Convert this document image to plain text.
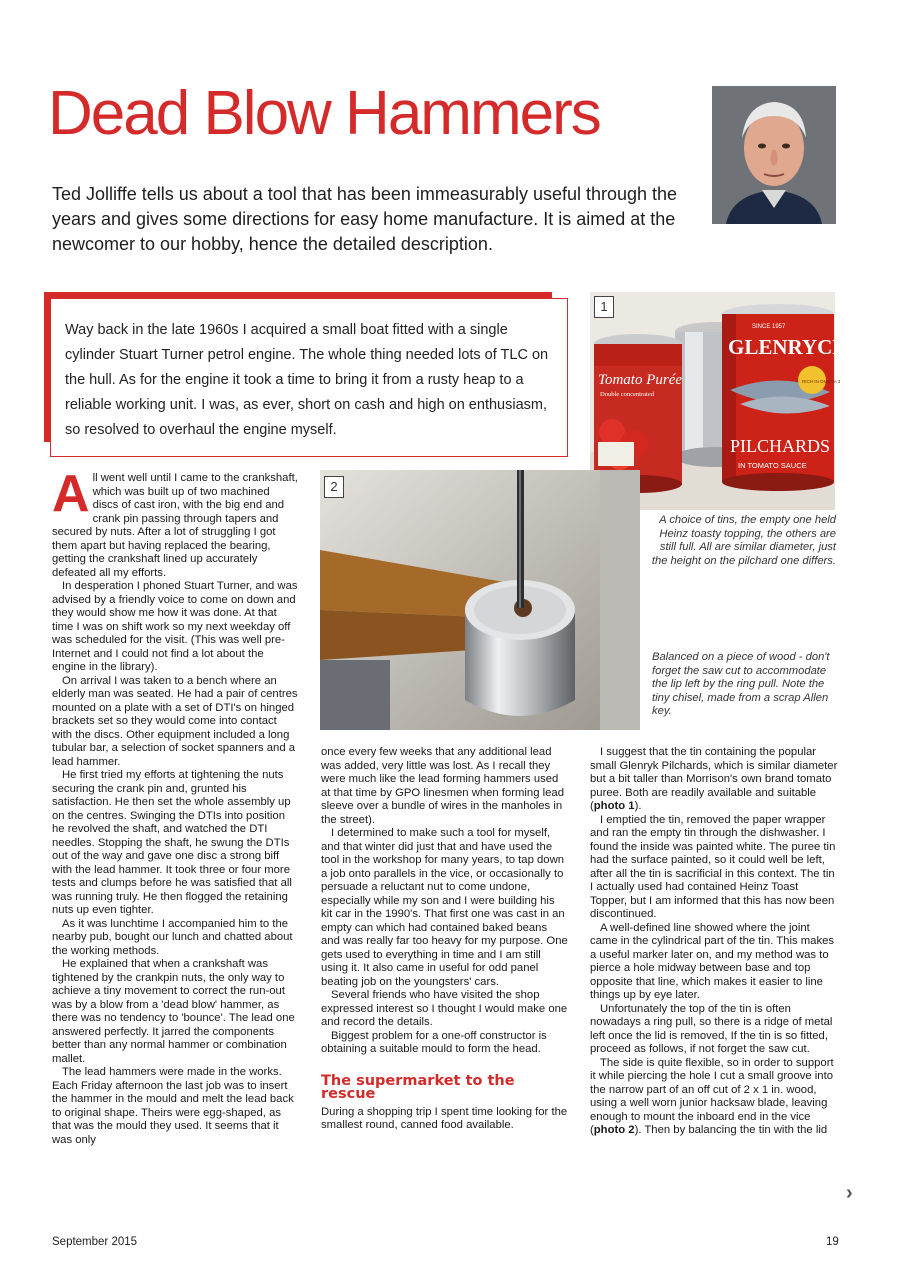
Dead Blow Hammers
Ted Jolliffe tells us about a tool that has been immeasurably useful through the years and gives some directions for easy home manufacture. It is aimed at the newcomer to our hobby, hence the detailed description.
Way back in the late 1960s I acquired a small boat fitted with a single cylinder Stuart Turner petrol engine. The whole thing needed lots of TLC on the hull. As for the engine it took a time to bring it from a rusty heap to a reliable working unit. I was, as ever, short on cash and high on enthusiasm, so resolved to overhaul the engine myself.
Tomato Purée
Double concentrated
SINCE 1957
GLENRYCK
RICH IN OMEGA 3
PILCHARDS
IN TOMATO SAUCE
1
A choice of tins, the empty one held Heinz toasty topping, the others are still full. All are similar diameter, just the height on the pilchard one differs.
2
Balanced on a piece of wood - don't forget the saw cut to accommodate the lip left by the ring pull. Note the tiny chisel, made from a scrap Allen key.

All went well until I came to the crankshaft, which was built up of two machined discs of cast iron, with the big end and crank pin passing through tapers and secured by nuts. After a lot of struggling I got them apart but having replaced the bearing, getting the crankshaft lined up accurately defeated all my efforts.

In desperation I phoned Stuart Turner, and was advised by a friendly voice to come on down and they would show me how it was done. At that time I was on shift work so my next weekday off was scheduled for the visit. (This was well pre-Internet and I could not find a lot about the engine in the library).

On arrival I was taken to a bench where an elderly man was seated. He had a pair of centres mounted on a plate with a set of DTI's on hinged brackets set so they would come into contact with the discs. Other equipment included a long tubular bar, a selection of socket spanners and a lead hammer.

He first tried my efforts at tightening the nuts securing the crank pin and, grunted his satisfaction. He then set the whole assembly up on the centres. Swinging the DTIs into position he revolved the shaft, and watched the DTI needles. Stopping the shaft, he swung the DTIs out of the way and gave one disc a strong biff with the lead hammer. It took three or four more tests and clumps before he was satisfied that all was running truly. He then flogged the retaining nuts up even tighter.

As it was lunchtime I accompanied him to the nearby pub, bought our lunch and chatted about the working methods.

He explained that when a crankshaft was tightened by the crankpin nuts, the only way to achieve a tiny movement to correct the run-out was by a blow from a 'dead blow' hammer, as there was no tendency to 'bounce'. The lead one answered perfectly. It jarred the components better than any normal hammer or combination mallet.

The lead hammers were made in the works. Each Friday afternoon the last job was to insert the hammer in the mould and melt the lead back to original shape. Theirs were egg-shaped, as that was the mould they used. It seems that it was only

once every few weeks that any additional lead was added, very little was lost. As I recall they were much like the lead forming hammers used at that time by GPO linesmen when forming lead sleeve over a bundle of wires in the manholes in the street).

I determined to make such a tool for myself, and that winter did just that and have used the tool in the workshop for many years, to tap down a job onto parallels in the vice, or occasionally to persuade a reluctant nut to come undone, especially while my son and I were building his kit car in the 1990's. That first one was cast in an empty can which had contained baked beans and was really far too heavy for my purpose. One gets used to everything in time and I am still using it. It also came in useful for odd panel beating job on the youngsters' cars.

Several friends who have visited the shop expressed interest so I thought I would make one and record the details.

Biggest problem for a one-off constructor is obtaining a suitable mould to form the head.

The supermarket to the rescue

During a shopping trip I spent time looking for the smallest round, canned food available.

I suggest that the tin containing the popular small Glenryk Pilchards, which is similar diameter but a bit taller than Morrison's own brand tomato puree. Both are readily available and suitable (photo 1).

I emptied the tin, removed the paper wrapper and ran the empty tin through the dishwasher. I found the inside was painted white. The puree tin had the surface painted, so it could well be left, after all the tin is sacrificial in this context. The tin I actually used had contained Heinz Toast Topper, but I am informed that this has now been discontinued.

A well-defined line showed where the joint came in the cylindrical part of the tin. This makes a useful marker later on, and my method was to pierce a hole midway between base and top opposite that line, which makes it easier to line things up by eye later.

Unfortunately the top of the tin is often nowadays a ring pull, so there is a ridge of metal left once the lid is removed, If the tin is so fitted, proceed as follows, if not forget the saw cut.

The side is quite flexible, so in order to support it while piercing the hole I cut a small groove into the narrow part of an off cut of 2 x 1 in. wood, using a well worn junior hacksaw blade, leaving enough to mount the inboard end in the vice (photo 2). Then by balancing the tin with the lid

›
September 2015	19
